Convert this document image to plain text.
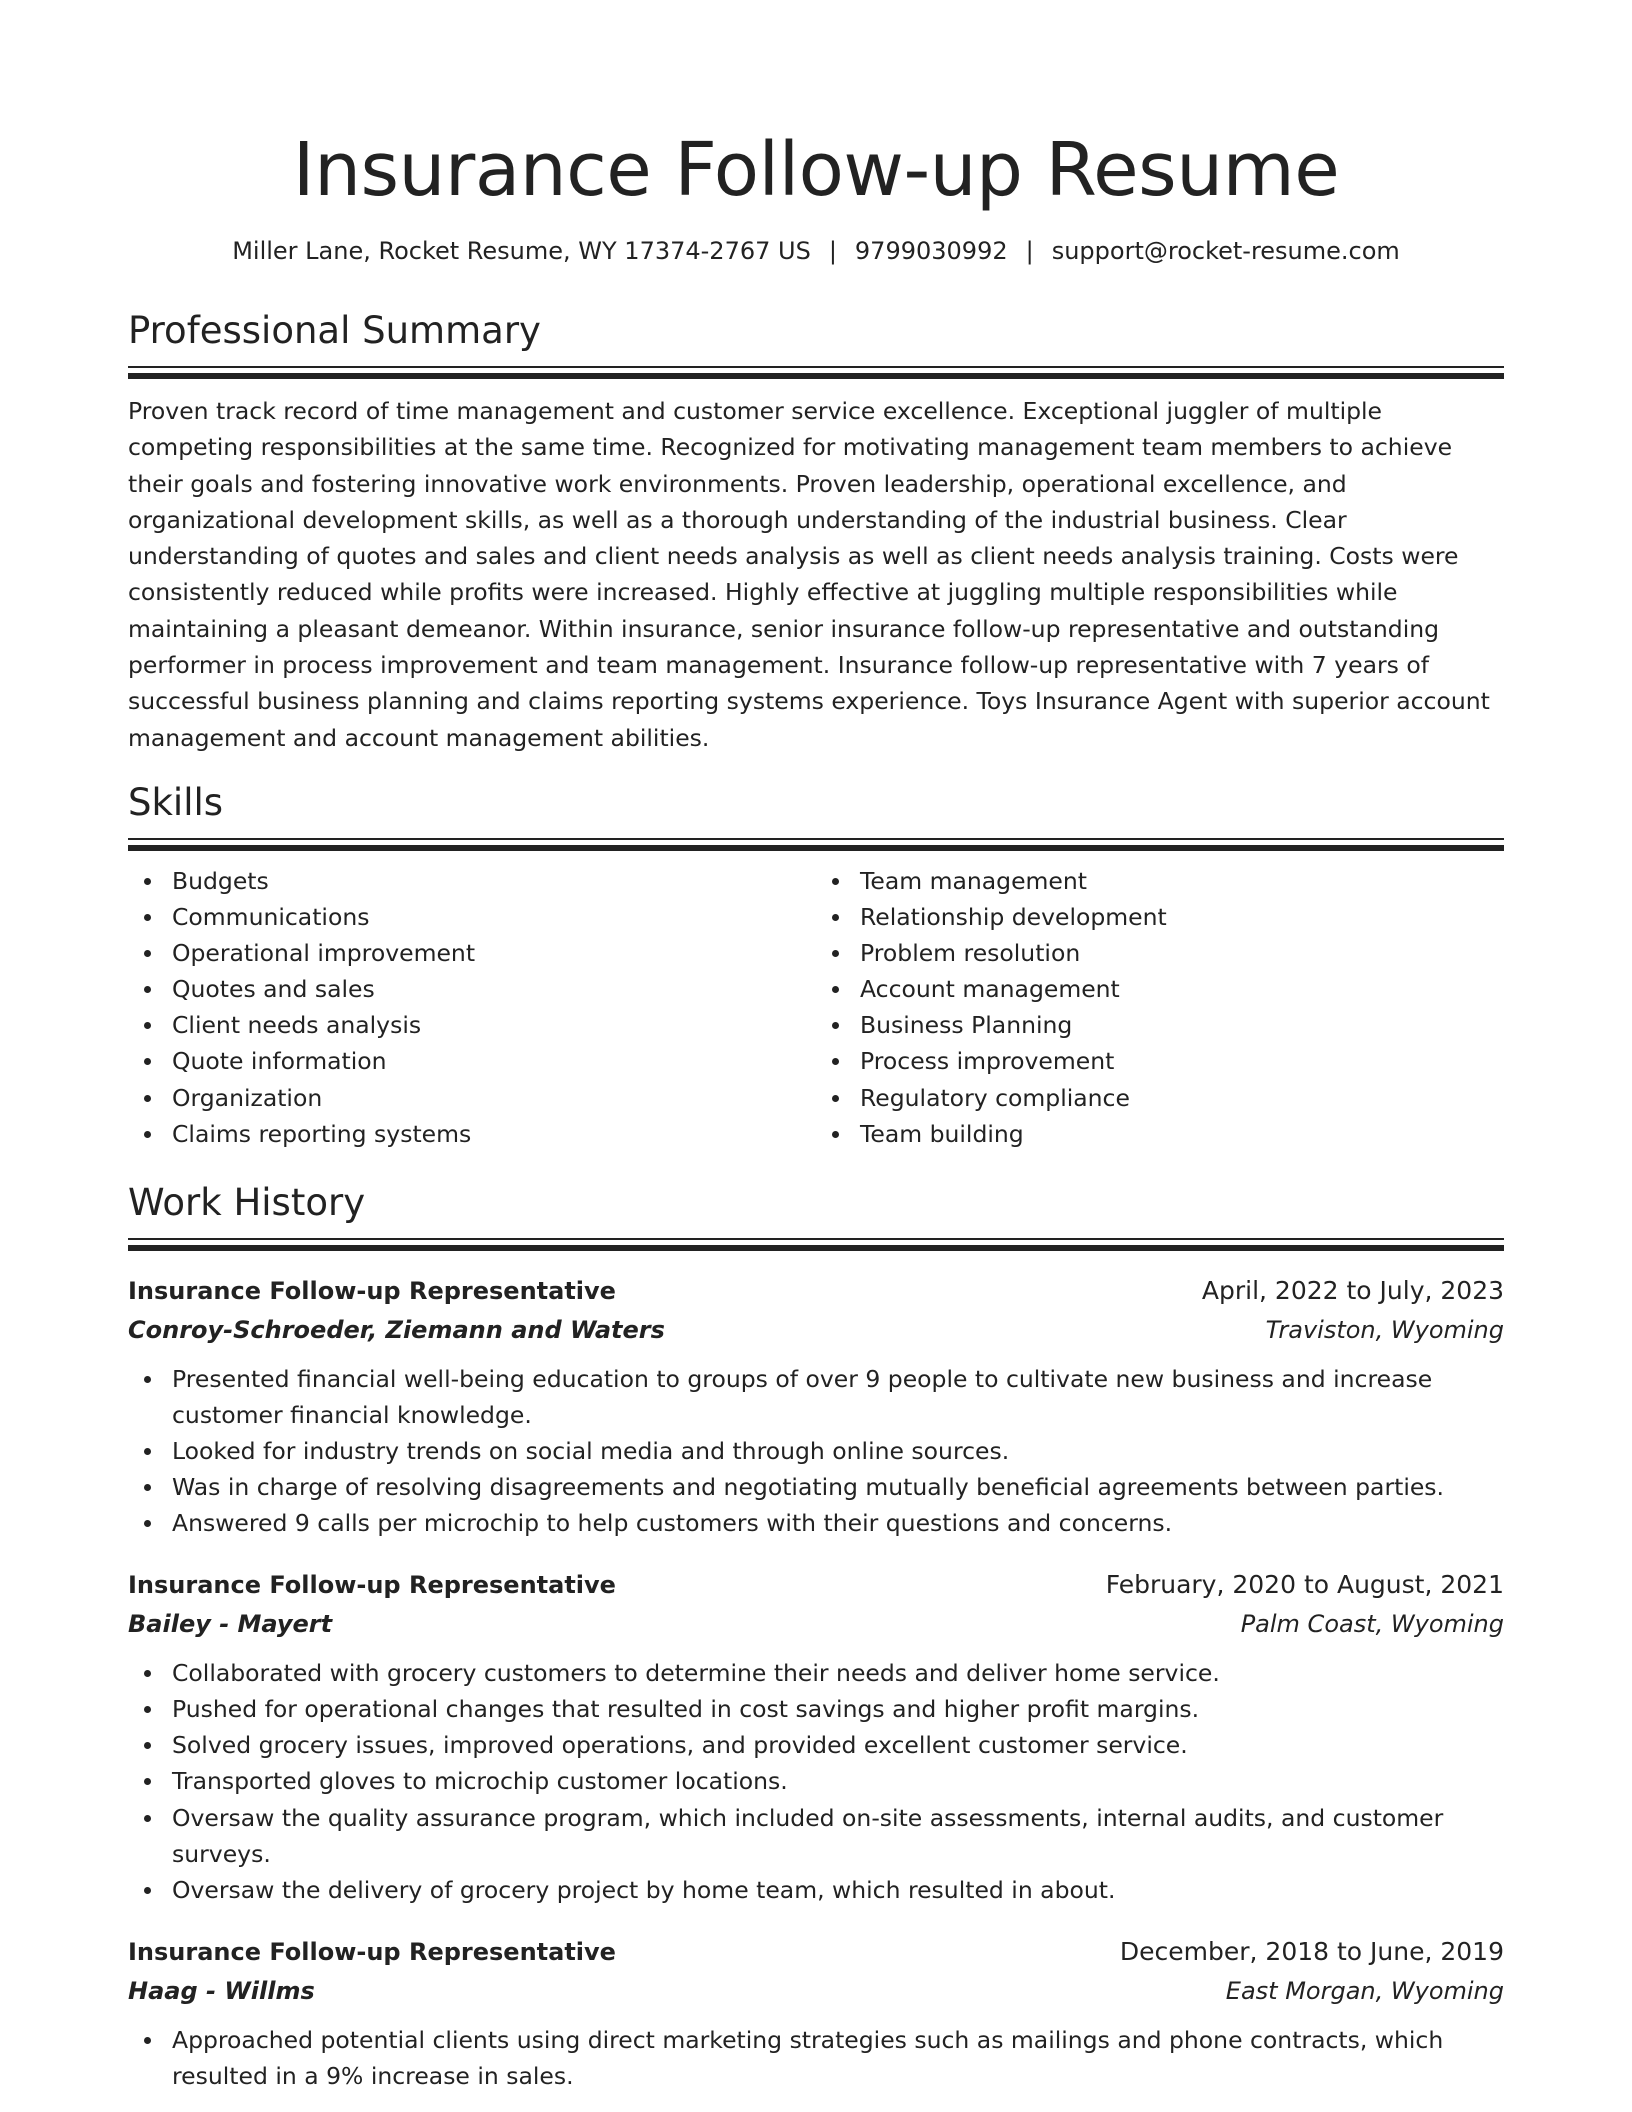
Insurance Follow-up Resume
Miller Lane, Rocket Resume, WY 17374-2767 US | 9799030992 | support@rocket-resume.com
Professional Summary

Proven track record of time management and customer service excellence. Exceptional juggler of multiple competing responsibilities at the same time. Recognized for motivating management team members to achieve their goals and fostering innovative work environments. Proven leadership, operational excellence, and organizational development skills, as well as a thorough understanding of the industrial business. Clear understanding of quotes and sales and client needs analysis as well as client needs analysis training. Costs were consistently reduced while profits were increased. Highly effective at juggling multiple responsibilities while maintaining a pleasant demeanor. Within insurance, senior insurance follow-up representative and outstanding performer in process improvement and team management. Insurance follow-up representative with 7 years of successful business planning and claims reporting systems experience. Toys Insurance Agent with superior account management and account management abilities.

Skills
Budgets
Communications
Operational improvement
Quotes and sales
Client needs analysis
Quote information
Organization
Claims reporting systems
Team management
Relationship development
Problem resolution
Account management
Business Planning
Process improvement
Regulatory compliance
Team building
Work History
Insurance Follow-up Representative	April, 2022 to July, 2023
Conroy-Schroeder, Ziemann and Waters	Traviston, Wyoming
Presented financial well-being education to groups of over 9 people to cultivate new business and increase customer financial knowledge.
Looked for industry trends on social media and through online sources.
Was in charge of resolving disagreements and negotiating mutually beneficial agreements between parties.
Answered 9 calls per microchip to help customers with their questions and concerns.
Insurance Follow-up Representative	February, 2020 to August, 2021
Bailey - Mayert	Palm Coast, Wyoming
Collaborated with grocery customers to determine their needs and deliver home service.
Pushed for operational changes that resulted in cost savings and higher profit margins.
Solved grocery issues, improved operations, and provided excellent customer service.
Transported gloves to microchip customer locations.
Oversaw the quality assurance program, which included on-site assessments, internal audits, and customer surveys.
Oversaw the delivery of grocery project by home team, which resulted in about.
Insurance Follow-up Representative	December, 2018 to June, 2019
Haag - Willms	East Morgan, Wyoming
Approached potential clients using direct marketing strategies such as mailings and phone contracts, which resulted in a 9% increase in sales.
